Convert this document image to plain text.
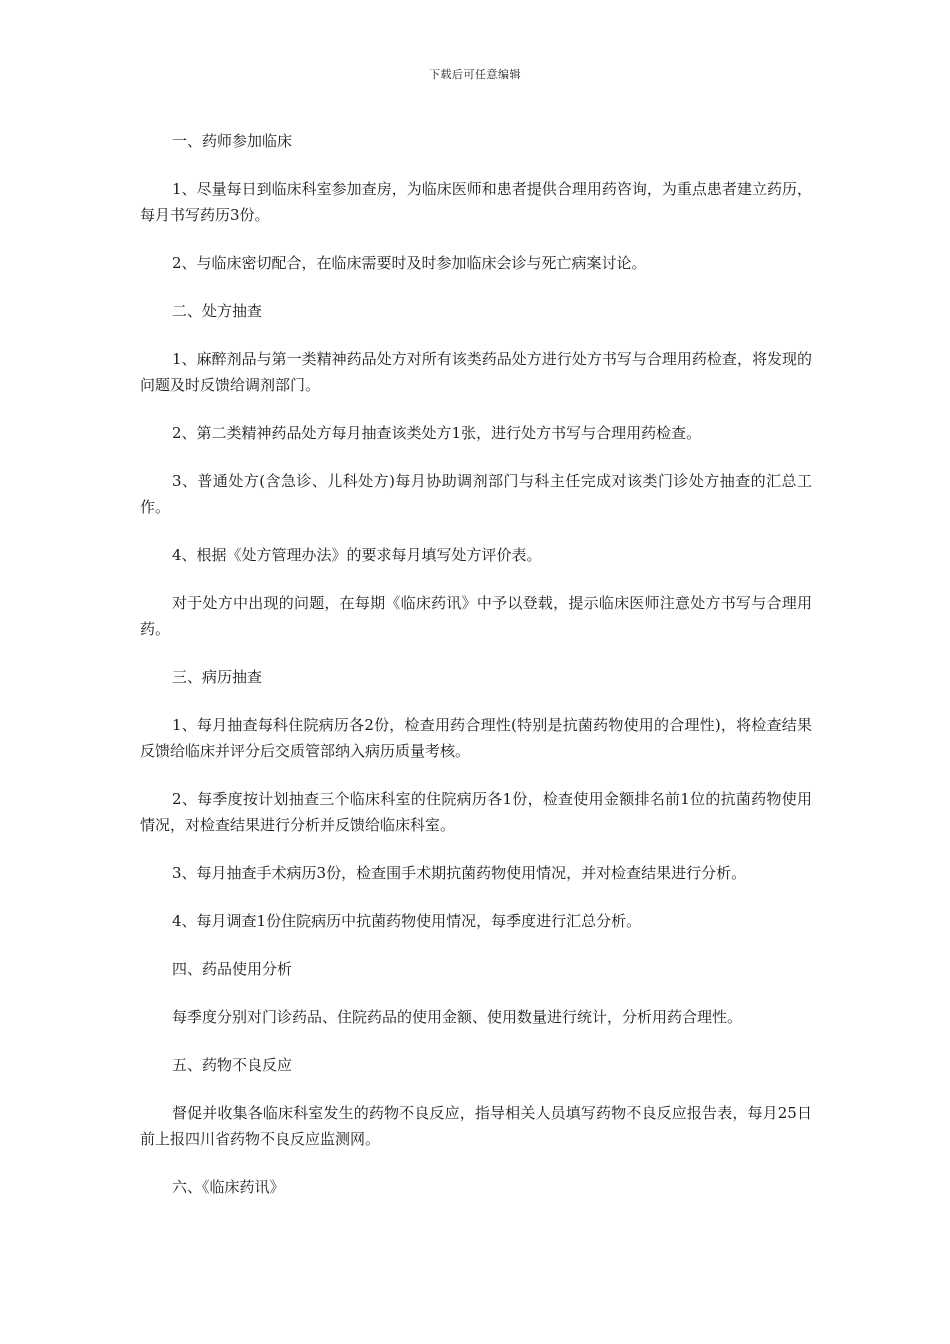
下载后可任意编辑

一、药师参加临床

1、尽量每日到临床科室参加查房，为临床医师和患者提供合理用药咨询，为重点患者建立药历，每月书写药历3份。

2、与临床密切配合，在临床需要时及时参加临床会诊与死亡病案讨论。

二、处方抽查

1、麻醉剂品与第一类精神药品处方对所有该类药品处方进行处方书写与合理用药检查，将发现的问题及时反馈给调剂部门。

2、第二类精神药品处方每月抽查该类处方1张，进行处方书写与合理用药检查。

3、普通处方(含急诊、儿科处方)每月协助调剂部门与科主任完成对该类门诊处方抽查的汇总工作。

4、根据《处方管理办法》的要求每月填写处方评价表。

对于处方中出现的问题，在每期《临床药讯》中予以登载，提示临床医师注意处方书写与合理用药。

三、病历抽查

1、每月抽查每科住院病历各2份，检查用药合理性(特别是抗菌药物使用的合理性)，将检查结果反馈给临床并评分后交质管部纳入病历质量考核。

2、每季度按计划抽查三个临床科室的住院病历各1份，检查使用金额排名前1位的抗菌药物使用情况，对检查结果进行分析并反馈给临床科室。

3、每月抽查手术病历3份，检查围手术期抗菌药物使用情况，并对检查结果进行分析。

4、每月调查1份住院病历中抗菌药物使用情况，每季度进行汇总分析。

四、药品使用分析

每季度分别对门诊药品、住院药品的使用金额、使用数量进行统计，分析用药合理性。

五、药物不良反应

督促并收集各临床科室发生的药物不良反应，指导相关人员填写药物不良反应报告表，每月25日前上报四川省药物不良反应监测网。

六、《临床药讯》
